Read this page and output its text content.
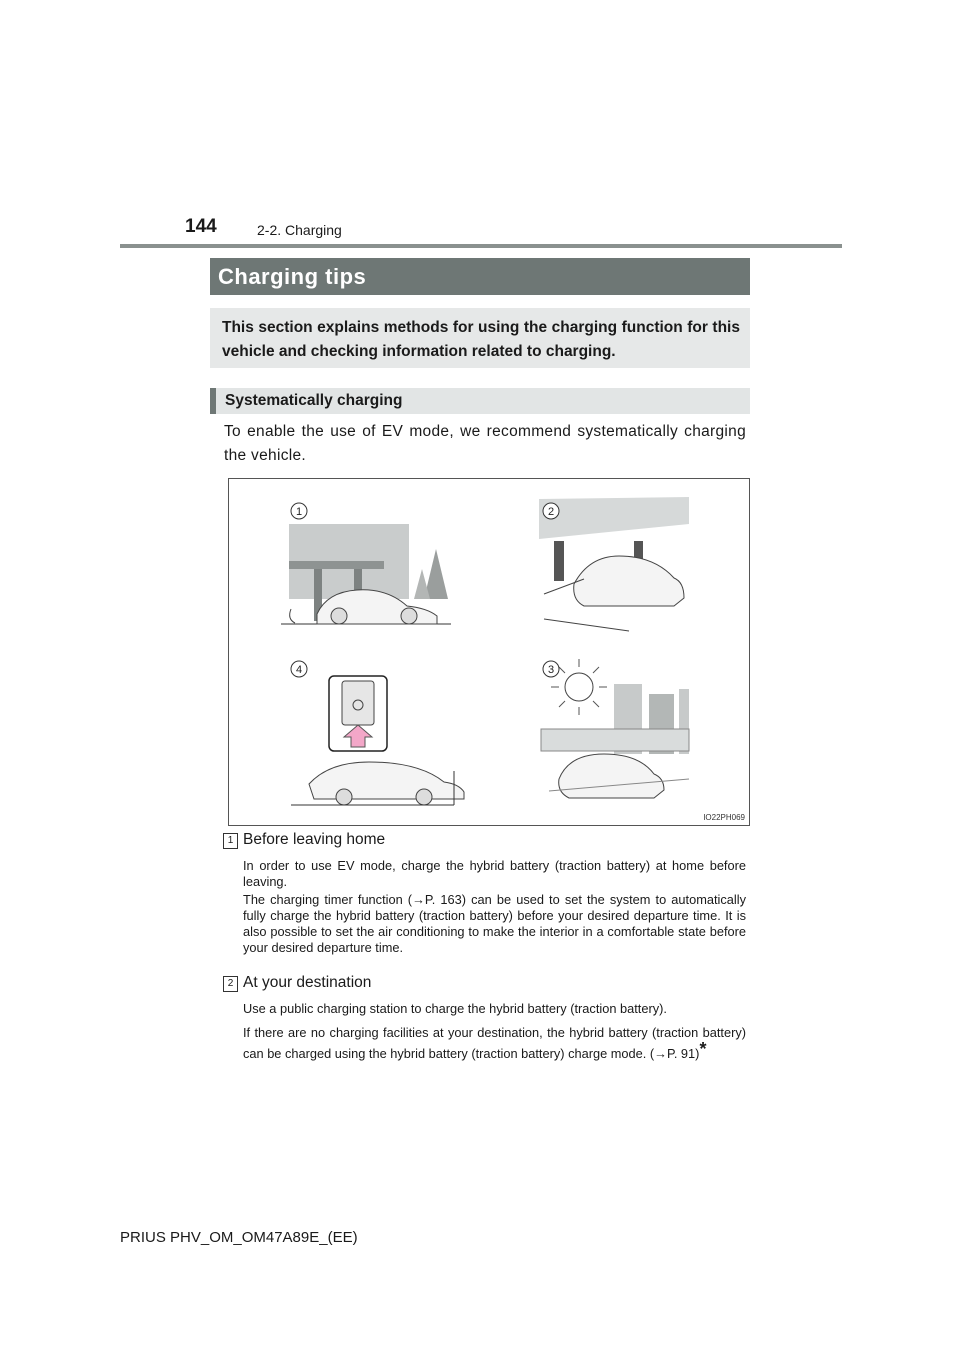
144	2-2. Charging
Charging tips
This section explains methods for using the charging function for this vehicle and checking information related to charging.
Systematically charging
To enable the use of EV mode, we recommend systematically charging the vehicle.
1	2
3
4
IO22PH069
1 Before leaving home
In order to use EV mode, charge the hybrid battery (traction battery) at home before leaving.
The charging timer function (→P. 163) can be used to set the system to automatically fully charge the hybrid battery (traction battery) before your desired departure time. It is also possible to set the air conditioning to make the interior in a comfortable state before your desired departure time.
2 At your destination
Use a public charging station to charge the hybrid battery (traction battery).
If there are no charging facilities at your destination, the hybrid battery (traction battery) can be charged using the hybrid battery (traction battery) charge mode. (→P. 91)*
PRIUS PHV_OM_OM47A89E_(EE)
